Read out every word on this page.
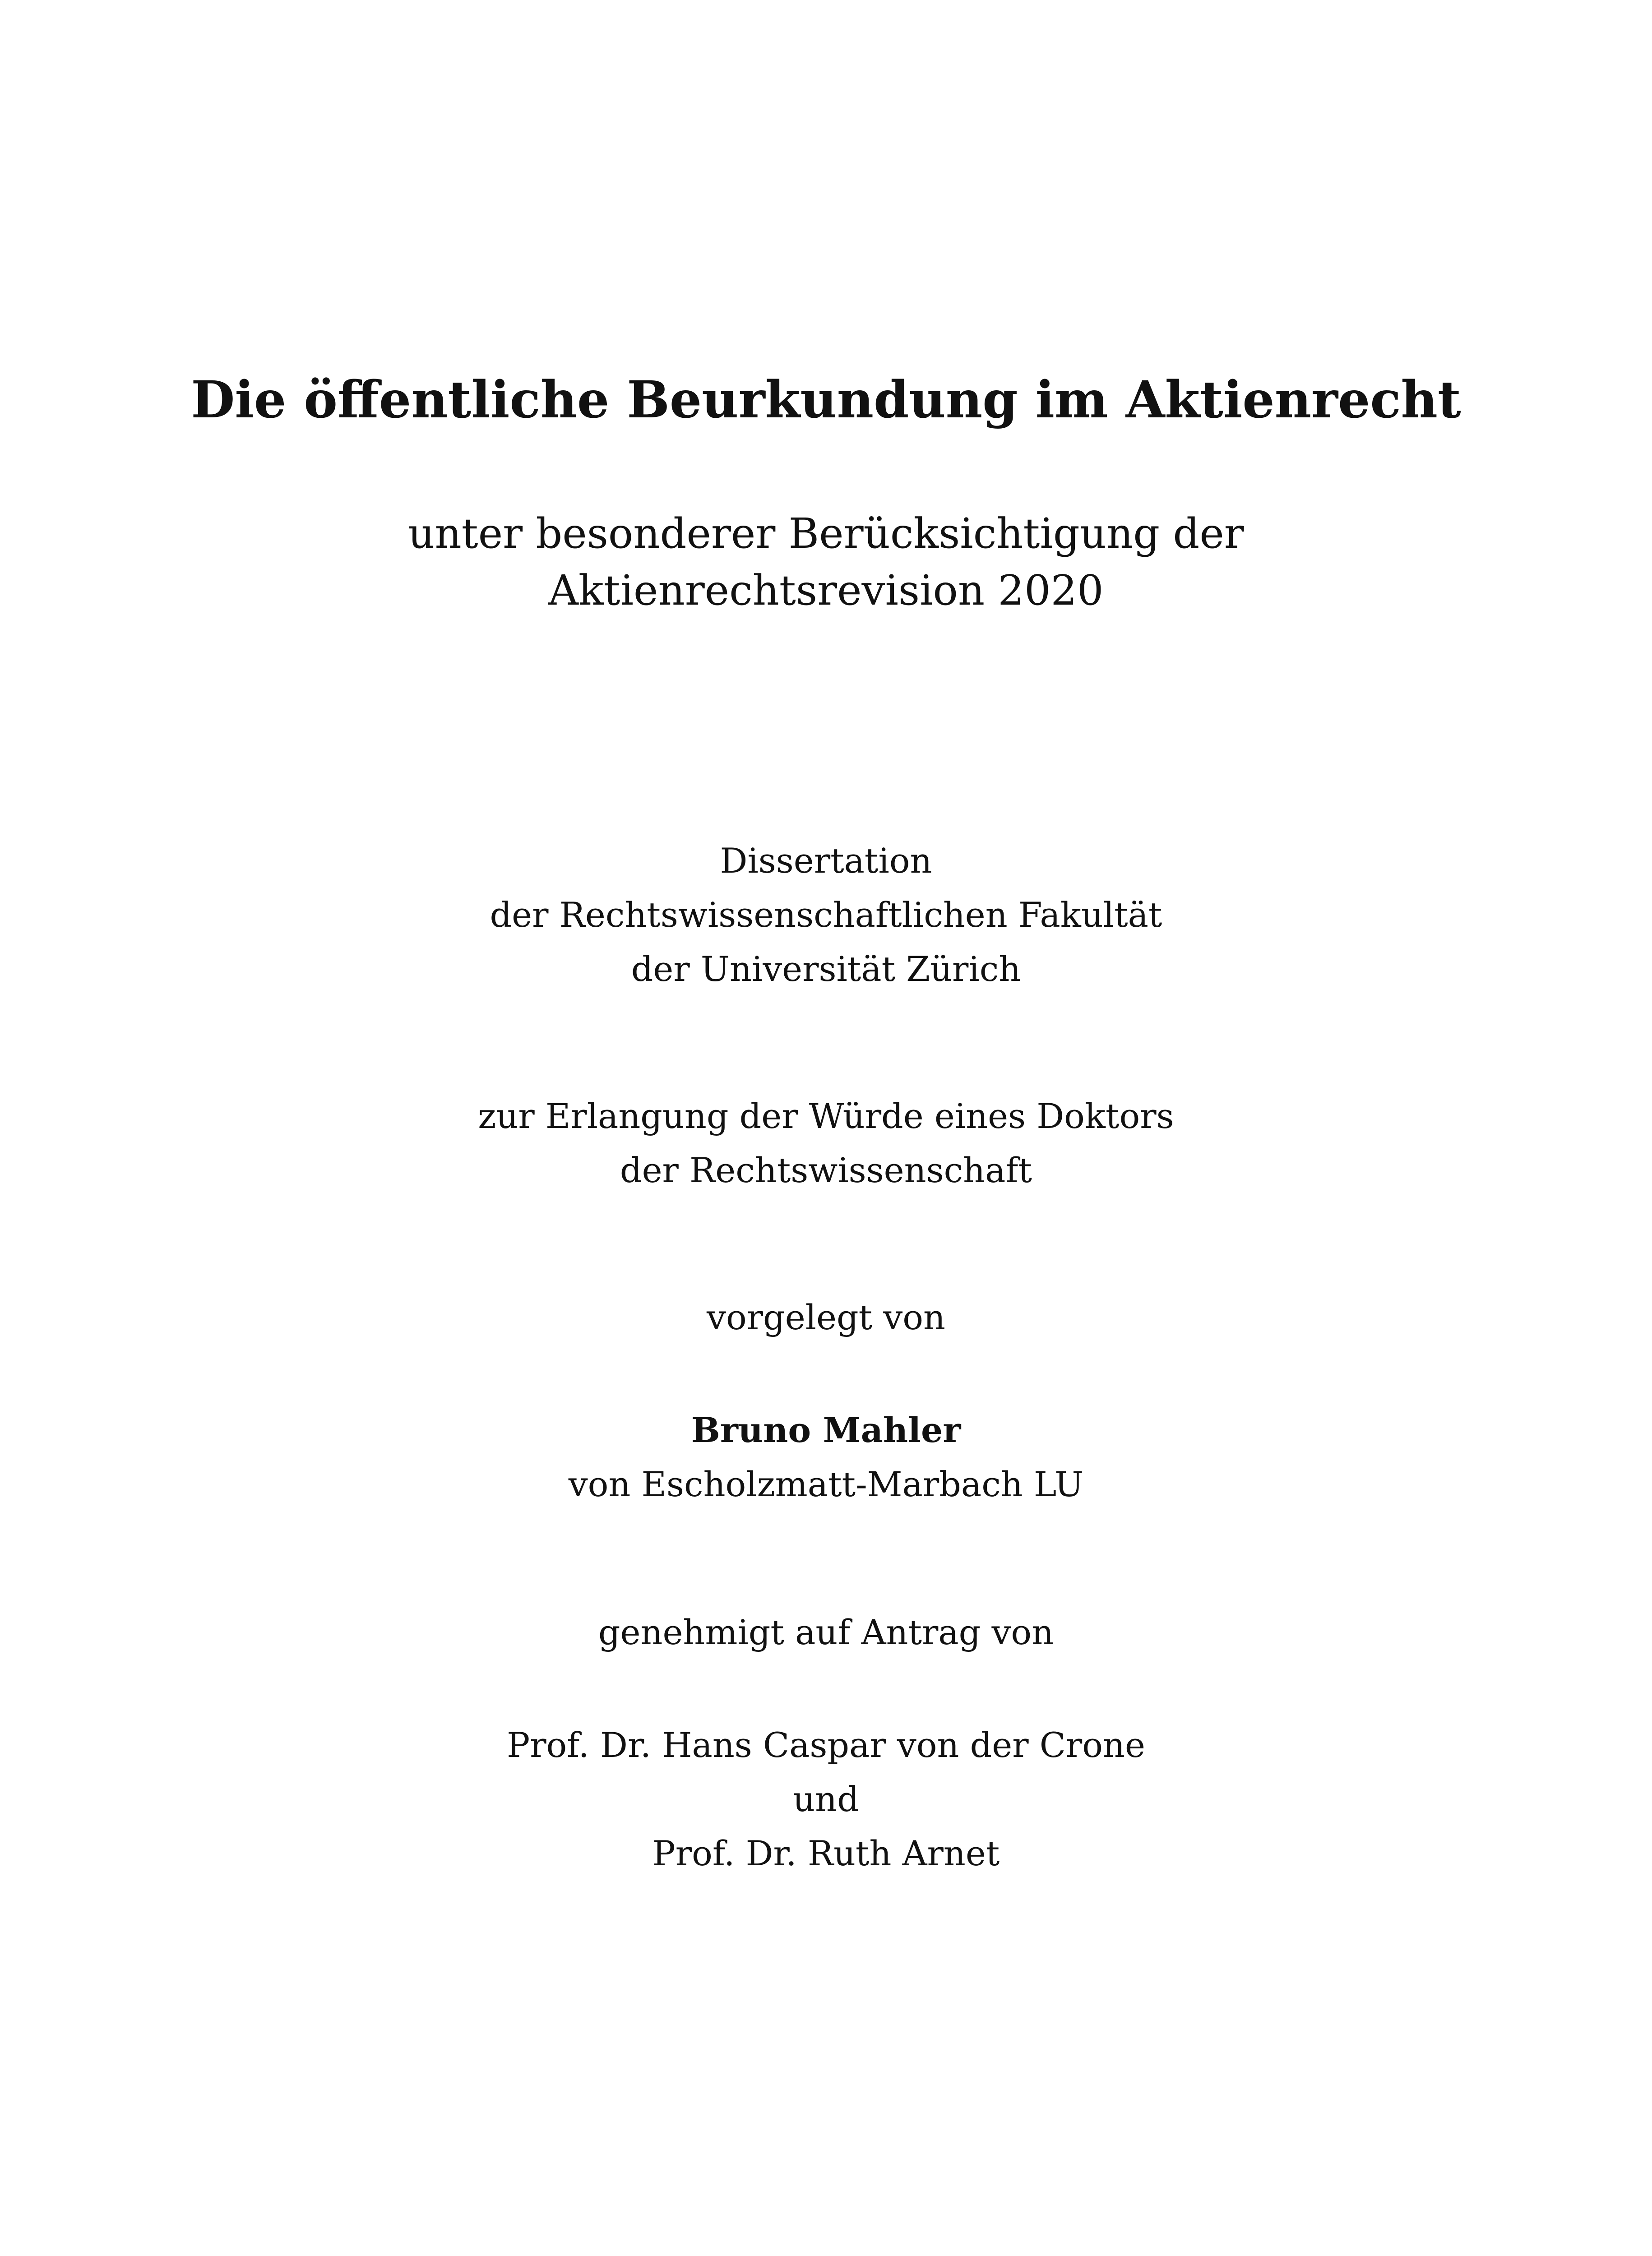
Die öffentliche Beurkundung im Aktienrecht
unter besonderer Berücksichtigung der
Aktienrechtsrevision 2020
Dissertation
der Rechtswissenschaftlichen Fakultät
der Universität Zürich
zur Erlangung der Würde eines Doktors
der Rechtswissenschaft
vorgelegt von
Bruno Mahler
von Escholzmatt-Marbach LU
genehmigt auf Antrag von
Prof. Dr. Hans Caspar von der Crone
und
Prof. Dr. Ruth Arnet
